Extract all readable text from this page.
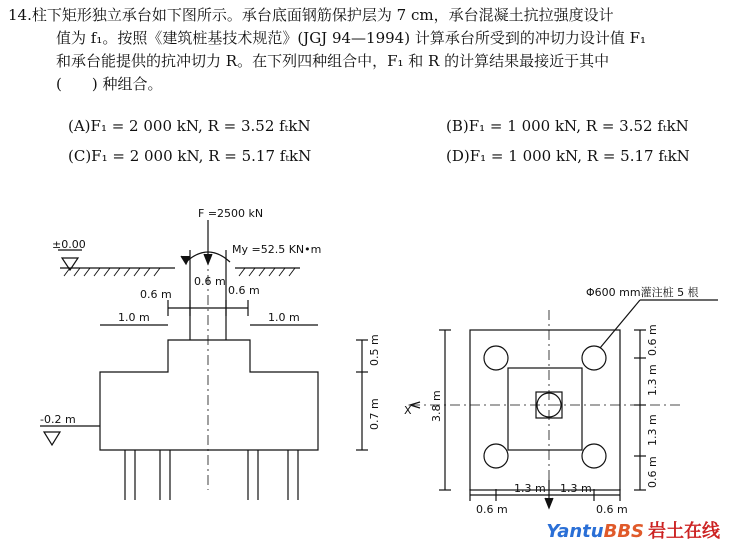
14.柱下矩形独立承台如下图所示。承台底面钢筋保护层为 7 cm，承台混凝土抗拉强度设计
值为 f₁。按照《建筑桩基技术规范》(JGJ 94—1994) 计算承台所受到的冲切力设计值 F₁
和承台能提供的抗冲切力 R。在下列四种组合中，F₁ 和 R 的计算结果最接近于其中
(　　) 种组合。
(A)F₁ = 2 000 kN, R = 3.52 fₜkN	(B)F₁ = 1 000 kN, R = 3.52 fₜkN
(C)F₁ = 2 000 kN, R = 5.17 fₜkN	(D)F₁ = 1 000 kN, R = 5.17 fₜkN
F =2500 kN
My =52.5 KN•m
±0.00
-0.2 m
0.6 m
0.6 m	0.6 m
1.0 m	1.0 m
0.5 m
0.7 m
Φ600 mm灌注桩 5 根
X 3.8 m
0.6 m
1.3 m
1.3 m
0.6 m
0.6 m
1.3 m 1.3 m
0.6 m
YantuBBS 岩土在线
